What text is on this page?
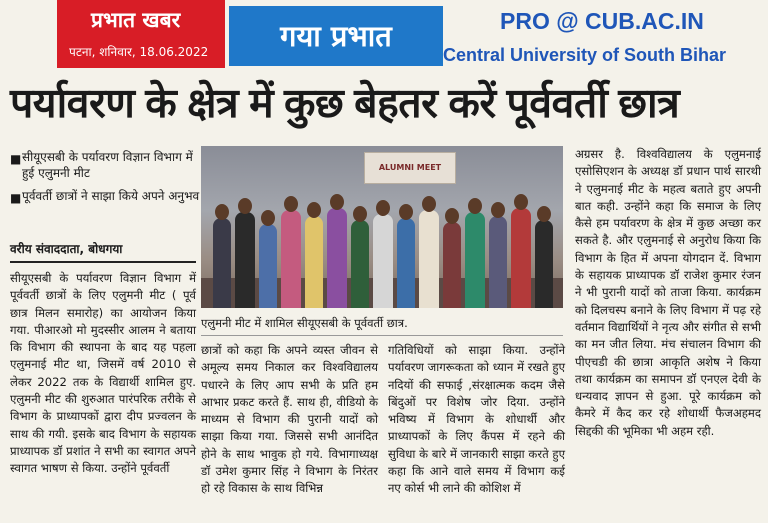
प्रभात खबर
पटना, शनिवार, 18.06.2022	गया प्रभात	PRO @ CUB.AC.IN
Central University of South Bihar
पर्यावरण के क्षेत्र में कुछ बेहतर करें पूर्ववर्ती छात्र
■ सीयूएसबी के पर्यावरण विज्ञान विभाग में हुई एलुमनी मीट
■ पूर्ववर्ती छात्रों ने साझा किये अपने अनुभव
वरीय संवाददाता, बोधगया
सीयूएसबी के पर्यावरण विज्ञान विभाग में पूर्ववर्ती छात्रों के लिए एलुमनी मीट ( पूर्व छात्र मिलन समारोह) का आयोजन किया गया. पीआरओ मो मुदस्सीर आलम ने बताया कि विभाग की स्थापना के बाद यह पहला एलुमनाई मीट था, जिसमें वर्ष 2010 से लेकर 2022 तक के विद्यार्थी शामिल हुए. एलुमनी मीट की शुरुआत पारंपरिक तरीके से विभाग के प्राध्यापकों द्वारा दीप प्रज्वलन के साथ की गयी. इसके बाद विभाग के सहायक प्राध्यापक डॉ प्रशांत ने सभी का स्वागत अपने स्वागत भाषण से किया. उन्होंने पूर्ववर्ती
ALUMNI MEET
एलुमनी मीट में शामिल सीयूएसबी के पूर्ववर्ती छात्र.
छात्रों को कहा कि अपने व्यस्त जीवन से अमूल्य समय निकाल कर विश्वविद्यालय पधारने के लिए आप सभी के प्रति हम आभार प्रकट करते हैं. साथ ही, वीडियो के माध्यम से विभाग की पुरानी यादों को साझा किया गया. जिससे सभी आनंदित होने के साथ भावुक हो गये. विभागाध्यक्ष डॉ उमेश कुमार सिंह ने विभाग के निरंतर हो रहे विकास के साथ विभिन्न
गतिविधियों को साझा किया. उन्होंने पर्यावरण जागरूकता को ध्यान में रखते हुए नदियों की सफाई ,संरक्षात्मक कदम जैसे बिंदुओं पर विशेष जोर दिया. उन्होंने भविष्य में विभाग के शोधार्थी और प्राध्यापकों के लिए कैंपस में रहने की सुविधा के बारे में जानकारी साझा करते हुए कहा कि आने वाले समय में विभाग कई नए कोर्स भी लाने की कोशिश में
अग्रसर है. विश्वविद्यालय के एलुमनाई एसोसिएशन के अध्यक्ष डॉ प्रधान पार्थ सारथी ने एलुमनाई मीट के महत्व बताते हुए अपनी बात कही. उन्होंने कहा कि समाज के लिए कैसे हम पर्यावरण के क्षेत्र में कुछ अच्छा कर सकते है. और एलुमनाई से अनुरोध किया कि विभाग के हित में अपना योगदान दें. विभाग के सहायक प्राध्यापक डॉ राजेश कुमार रंजन ने भी पुरानी यादों को ताजा किया. कार्यक्रम को दिलचस्प बनाने के लिए विभाग में पढ़ रहे वर्तमान विद्यार्थियों ने नृत्य और संगीत से सभी का मन जीत लिया. मंच संचालन विभाग की पीएचडी की छात्रा आकृति अशेष ने किया तथा कार्यक्रम का समापन डॉ एनएल देवी के धन्यवाद ज्ञापन से हुआ. पूरे कार्यक्रम को कैमरे में कैद कर रहे शोधार्थी फैजअहमद सिद्दकी की भूमिका भी अहम रही.
